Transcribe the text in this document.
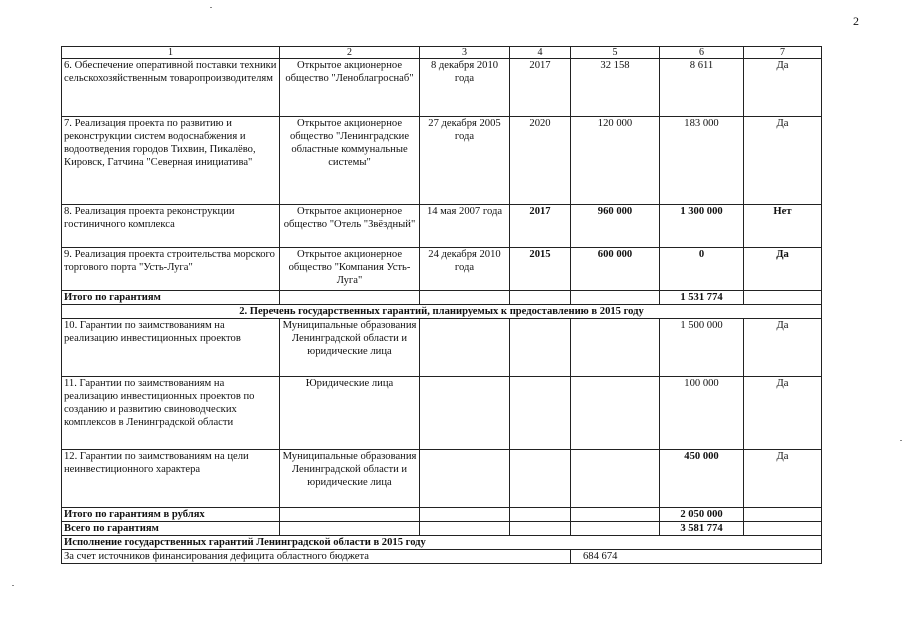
2
1	2	3	4	5	6	7
6. Обеспечение оперативной поставки техники сельскохозяйственным товаропроизводителям	Открытое акционерное общество "Леноблагроснаб"	8 декабря 2010 года	2017	32 158	8 611	Да
7. Реализация проекта по развитию и реконструкции систем водоснабжения и водоотведения городов Тихвин, Пикалёво, Кировск, Гатчина "Северная инициатива"	Открытое акционерное общество "Ленинградские областные коммунальные системы"	27 декабря 2005 года	2020	120 000	183 000	Да
8. Реализация проекта реконструкции гостиничного комплекса	Открытое акционерное общество "Отель "Звёздный"	14 мая 2007 года	2017	960 000	1 300 000	Нет
9. Реализация проекта строительства морского торгового порта "Усть-Луга"	Открытое акционерное общество "Компания Усть-Луга"	24 декабря 2010 года	2015	600 000	0	Да
Итого по гарантиям					1 531 774	
2. Перечень государственных гарантий, планируемых к предоставлению в 2015 году						
10. Гарантии по заимствованиям на реализацию инвестиционных проектов	Муниципальные образования Ленинградской области и юридические лица				1 500 000	Да
11. Гарантии по заимствованиям на реализацию инвестиционных проектов по созданию и развитию свиноводческих комплексов в Ленинградской области	Юридические лица				100 000	Да
12. Гарантии по заимствованиям на цели неинвестиционного характера	Муниципальные образования Ленинградской области и юридические лица				450 000	Да
Итого по гарантиям в рублях					2 050 000	
Всего по гарантиям					3 581 774	
Исполнение государственных гарантий Ленинградской области в 2015 году						
За счет источников финансирования дефицита областного бюджета				684 674		
